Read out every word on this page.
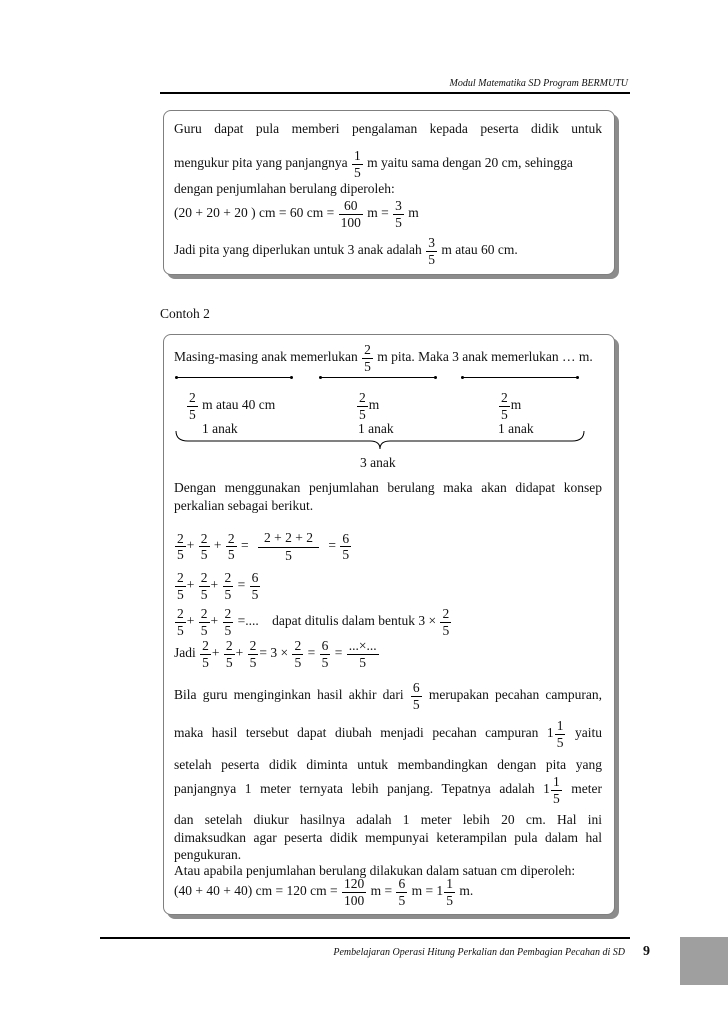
Modul Matematika SD Program BERMUTU
Guru dapat pula memberi pengalaman kepada peserta didik untuk
mengukur pita yang panjangnya $\frac{1}{5}$ m yaitu sama dengan 20 cm, sehingga
dengan penjumlahan berulang diperoleh:
(20 + 20 + 20 ) cm = 60 cm = $\frac{60}{100}$ $m = \frac{3}{5}$ m
Jadi pita yang diperlukan untuk 3 anak adalah $\frac{3}{5}$ m atau 60 cm.
Contoh 2
Masing-masing anak memerlukan $\frac{2}{5}$ m pita. Maka 3 anak memerlukan … m.
$\frac{2}{5}$ m atau 40 cm	$\frac{2}{5}$ m	$\frac{2}{5}$ m
1 anak	1 anak	1 anak
3 anak
Dengan menggunakan penjumlahan berulang maka akan didapat konsep
perkalian sebagai berikut.
$\frac{2}{5} + \frac{2}{5} + \frac{2}{5} = \frac{2 + 2 + 2}{5} = \frac{6}{5}$
$\frac{2}{5} + \frac{2}{5} + \frac{2}{5} = \frac{6}{5}$
$\frac{2}{5} + \frac{2}{5} + \frac{2}{5}$ =.... dapat ditulis dalam bentuk $3 \times \frac{2}{5}$
Jadi $\frac{2}{5} + \frac{2}{5} + \frac{2}{5} = 3 \times \frac{2}{5} = \frac{6}{5} = \frac{...\times...}{5}$
Bila guru menginginkan hasil akhir dari $\frac{6}{5}$ merupakan pecahan campuran,
maka hasil tersebut dapat diubah menjadi pecahan campuran $1 \frac{1}{5}$ yaitu
setelah peserta didik diminta untuk membandingkan dengan pita yang
panjangnya 1 meter ternyata lebih panjang. Tepatnya adalah $1 \frac{1}{5}$ meter
dan setelah diukur hasilnya adalah 1 meter lebih 20 cm. Hal ini
dimaksudkan agar peserta didik mempunyai keterampilan pula dalam hal
pengukuran.
Atau apabila penjumlahan berulang dilakukan dalam satuan cm diperoleh:
(40 + 40 + 40) cm = 120 cm = $\frac{120}{100}$ $m = \frac{6}{5}$ $m = 1 \frac{1}{5} m$.
Pembelajaran Operasi Hitung Perkalian dan Pembagian Pecahan di SD 9
